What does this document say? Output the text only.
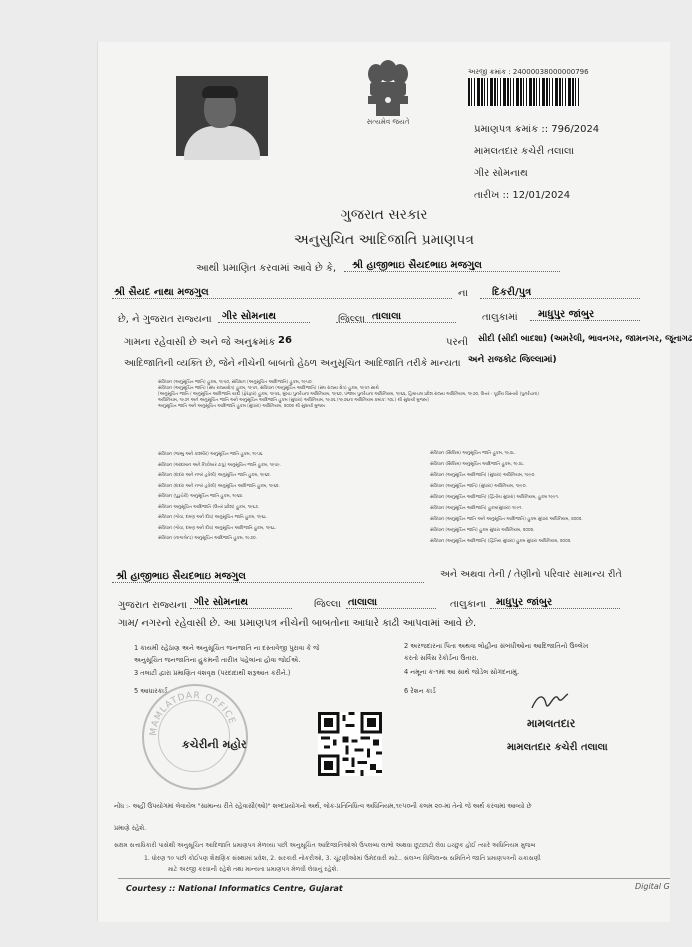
સત્યમેવ જયતે
અરજી ક્રમાંક : 24000038000000796
પ્રમાણપત્ર ક્રમાંક :: 796/2024
મામલતદાર કચેરી તલાલા
ગીર સોમનાથ
તારીખ :: 12/01/2024
ગુજરાત સરકાર
અનુસુચિત આદિજાતિ પ્રમાણપત્ર
આથી પ્રમાણિત કરવામાં આવે છે કે, શ્રી હાજીભાઇ સૈયદભાઇ મજગુલ
શ્રી સૈયદ નાથા મજગુલ	ના દિકરી/પુત્ર
છે, ને ગુજરાત રાજ્યના ગીર સોમનાથ	જિલ્લા તાલાલા	તાલુકામાં માધુપુર જાંબુર
ગામના રહેવાસી છે અને જે અનુક્રમાંક 26	પરની સીદી (સીદી બાદશા) (અમરેલી, ભાવનગર, જામનગર, જૂનાગઢ
આદિજાતિની વ્યક્તિ છે, જેને નીચેની બાબતો હેઠળ અનુસૂચિત આદિજાતિ તરીકે માન્યતા અને રાજકોટ જિલ્લામાં)
સંવિધાન (અનુસૂચિત જાતિ) હુકમ, ૧૯૫૦, સંવિધાન (અનુસૂચિત આદિજાતિ) હુકમ, ૧૯૫૦.
સંવિધાન (અનુસૂચિત જાતિ) (સંઘ રાજ્યક્ષેત્ર) હુકમ, ૧૯૫૧, સંવિધાન (અનુસૂચિત આદિજાતિ) (સંઘ રાજ્ય ક્ષેત્ર) હુકમ, ૧૯૫૧ સાથે
[અનુસૂચિત જાતિ / અનુસૂચિત આદિજાતિ યાદી (ફેરફાર) હુકમ, ૧૯૫૬, મુંબઇ પુનર્રચના અધિનિયમ, ૧૯૬૦, પંજાબ પુનર્રચના અધિનિયમ, ૧૯૬૬, હિમાચલ પ્રદેશ રાજ્ય અધિનિયમ, ૧૯૭૦, ઉત્તર - પૂર્વીય વિસ્તારો (પુનર્રચના)
અધિનિયમ, ૧૯૭૧ અને અનુસૂચિત જાતિ અને અનુસૂચિત આદિજાતિ હુકમ (સુધારા) અધિનિયમ, ૧૯૭૬ (૧૯૭૬ના અધિનિયમ ક્રમાંક: ૧૦૮) થી સુધાર્યા મુજબ]
અનુસૂચિત જાતિ અને અનુસૂચિત આદિજાતિ હુકમ (સુધારા) અધિનિયમ, ૨૦૦૨ થી સુધાર્યા મુજબ
સંવિધાન (જમ્મુ અને કાશ્મીર) અનુસૂચિત જાતિ હુકમ, ૧૯૫૬.
સંવિધાન (આંદામાન અને નિકોબાર ટાપુ) અનુસૂચિત જાતિ હુકમ, ૧૯૫૯.
સંવિધાન (દાદરા અને નગર હવેલી) અનુસૂચિત જાતિ હુકમ, ૧૯૬૨.
સંવિધાન (દાદરા અને નગર હવેલી) અનુસૂચિત આદિજાતિ હુકમ, ૧૯૬૨.
સંવિધાન (પુડુચેરી) અનુસૂચિત જાતિ હુકમ, ૧૯૬૪.
સંવિધાન અનુસૂચિત આદિજાતિ (ઉત્તર પ્રદેશ) હુકમ, ૧૯૬૭.
સંવિધાન (ગોવા, દમણ અને દીવ) અનુસૂચિત જાતિ હુકમ, ૧૯૬૮.
સંવિધાન (ગોવા, દમણ અને દીવ) અનુસૂચિત આદિજાતિ હુકમ, ૧૯૬૮.
સંવિધાન (નાગાલેન્ડ) અનુસૂચિત આદિજાતિ હુકમ, ૧૯૭૦.
સંવિધાન (સિક્કિમ) અનુસૂચિત જાતિ હુકમ, ૧૯૭૮.
સંવિધાન (સિક્કિમ) અનુસૂચિત આદિજાતિ હુકમ, ૧૯૭૮.
સંવિધાન (અનુસૂચિત આદિજાતિ) (સુધારા) અધિનિયમ, ૧૯૯૦.
સંવિધાન (અનુસૂચિત જાતિ) (સુધારા) અધિનિયમ, ૧૯૯૦.
સંવિધાન (અનુસૂચિત આદિજાતિ) (દ્વિતીય સુધારા) અધિનિયમ, હુકમ ૧૯૯૧.
સંવિધાન (અનુસૂચિત આદિજાતિ) હુકમ(સુધારા) ૧૯૯૧.
સંવિધાન (અનુસૂચિત જાતિ અને અનુસૂચિત આદિજાતિ) હુકમ સુધારા અધિનિયમ, ૨૦૦૨.
સંવિધાન (અનુસૂચિત જાતિ) હુકમ સુધારા અધિનિયમ, ૨૦૦૨.
સંવિધાન (અનુસૂચિત આદિજાતિ) (દ્વિતિય સુધારા) હુકમ સુધારા અધિનિયમ, ૨૦૦૨.
શ્રી હાજીભાઇ સૈયદભાઇ મજગુલ	અને અથવા તેની / તેણીનો પરિવાર સામાન્ય રીતે
ગુજરાત રાજ્યના ગીર સોમનાથ	જિલ્લા તાલાલા	તાલુકાના માધુપુર જાંબુર
ગામ/ નગરનો રહેવાસી છે. આ પ્રમાણપત્ર નીચેની બાબતોના આધારે કાઢી આપવામાં આવે છે.
1 કાયમી રહેઠાણ અને અનુસૂચિત જનજાતિ ના દસ્તાવેજી પુરાવા કે જે
અનુસૂચિત જનજાતિના હુકમની તારીખ પહેલાંના હોવા જોઈએ.
3 તલાટી દ્વારા પ્રમાણિત વંશવૃક્ષ (પરદાદાથી શરૂઆત કરીને.)
5 આધારકાર્ડ
2 અરજદારના પિતા અથવા લોહીના સંબંધીઓના આદિજાતિનો ઉલ્લેખ
કરતો સર્વિસ રેકોર્ડના ઉતારા.
4 નમૂના ક-૧માં આ સાથે જોડેલ સોગંદનામું.
6 રેશન કાર્ડ
MAMLATDAR OFFICE
કચેરીની મહોર
મામલતદાર
મામલતદાર કચેરી તલાલા
નોંધ :- અહીં ઉપયોગમાં લેવાયેલ "સામાન્ય રીતે રહેવાસી(ઓ)" શબ્દપ્રયોગનો અર્થ, લોક-પ્રતિનિધિત્વ અધિનિયમ,૧૯૫૦ની કલમ ૨૦-માં તેનો જે અર્થ કરવામાં આવ્યો છે
પ્રમાણે રહેશે.
સક્ષમ સત્તાધિકારી પાસેથી અનુસૂચિત આદિજાતિ પ્રમાણપત્ર મેળવ્યા પછી અનુસૂચિત આદિજાતિઓએ ઉપલબ્ધ લાભો અથવા છૂટછાટો લેવા ઇચ્છુક હોઈ ત્યારે અધિનિયમ મુજબ
1. ધોરણ ૧૦ પછી કોઈપણ શૈક્ષણિક સંસ્થામાં પ્રવેશ, 2. સરકારી નોકરીઓ, 3. ચૂંટણીઓમાં ઉમેદવારી માટે.. સંલગ્ન વિજિલન્સ સમિતિને જાતિ પ્રમાણપત્રની ચકાસણી
માટે અરજી કરવાની રહેશે તથા માન્યતા પ્રમાણપત્ર મેળવી લેવાનું રહેશે.
Courtesy :: National Informatics Centre, Gujarat	Digital G
